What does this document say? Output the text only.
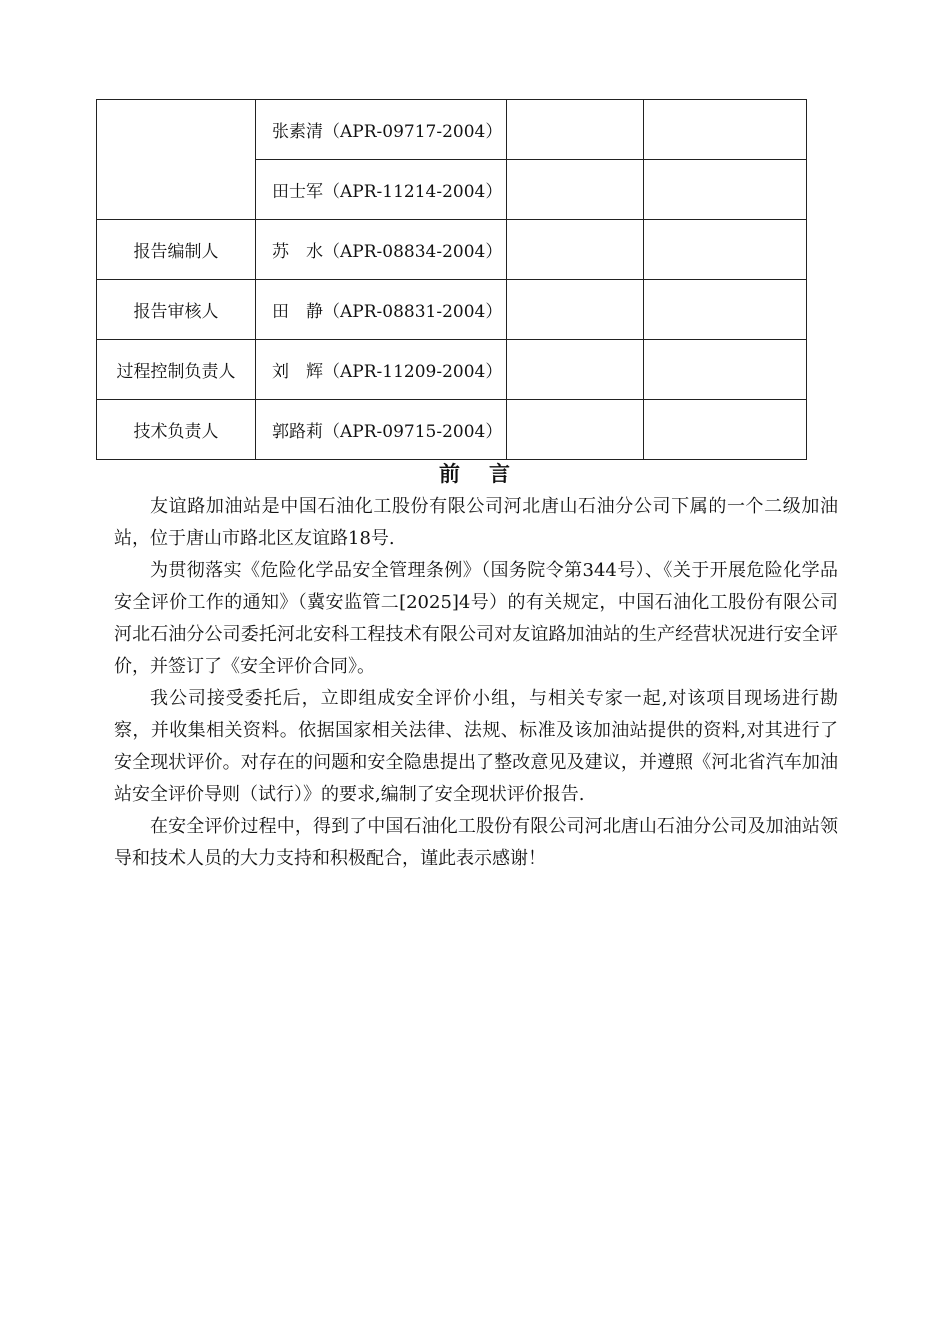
	张素清（APR-09717-2004）		
	田士军（APR-11214-2004）		
报告编制人	苏　水（APR-08834-2004）		
报告审核人	田　静（APR-08831-2004）		
过程控制负责人	刘　辉（APR-11209-2004）		
技术负责人	郭路莉（APR-09715-2004）		
前 言

友谊路加油站是中国石油化工股份有限公司河北唐山石油分公司下属的一个二级加油站，位于唐山市路北区友谊路18号.

为贯彻落实《危险化学品安全管理条例》（国务院令第344号）、《关于开展危险化学品安全评价工作的通知》（冀安监管二[2025]4号）的有关规定，中国石油化工股份有限公司河北石油分公司委托河北安科工程技术有限公司对友谊路加油站的生产经营状况进行安全评价，并签订了《安全评价合同》。

我公司接受委托后，立即组成安全评价小组，与相关专家一起,对该项目现场进行勘察，并收集相关资料。依据国家相关法律、法规、标准及该加油站提供的资料,对其进行了安全现状评价。对存在的问题和安全隐患提出了整改意见及建议，并遵照《河北省汽车加油站安全评价导则（试行）》的要求,编制了安全现状评价报告.

在安全评价过程中，得到了中国石油化工股份有限公司河北唐山石油分公司及加油站领导和技术人员的大力支持和积极配合，谨此表示感谢！
